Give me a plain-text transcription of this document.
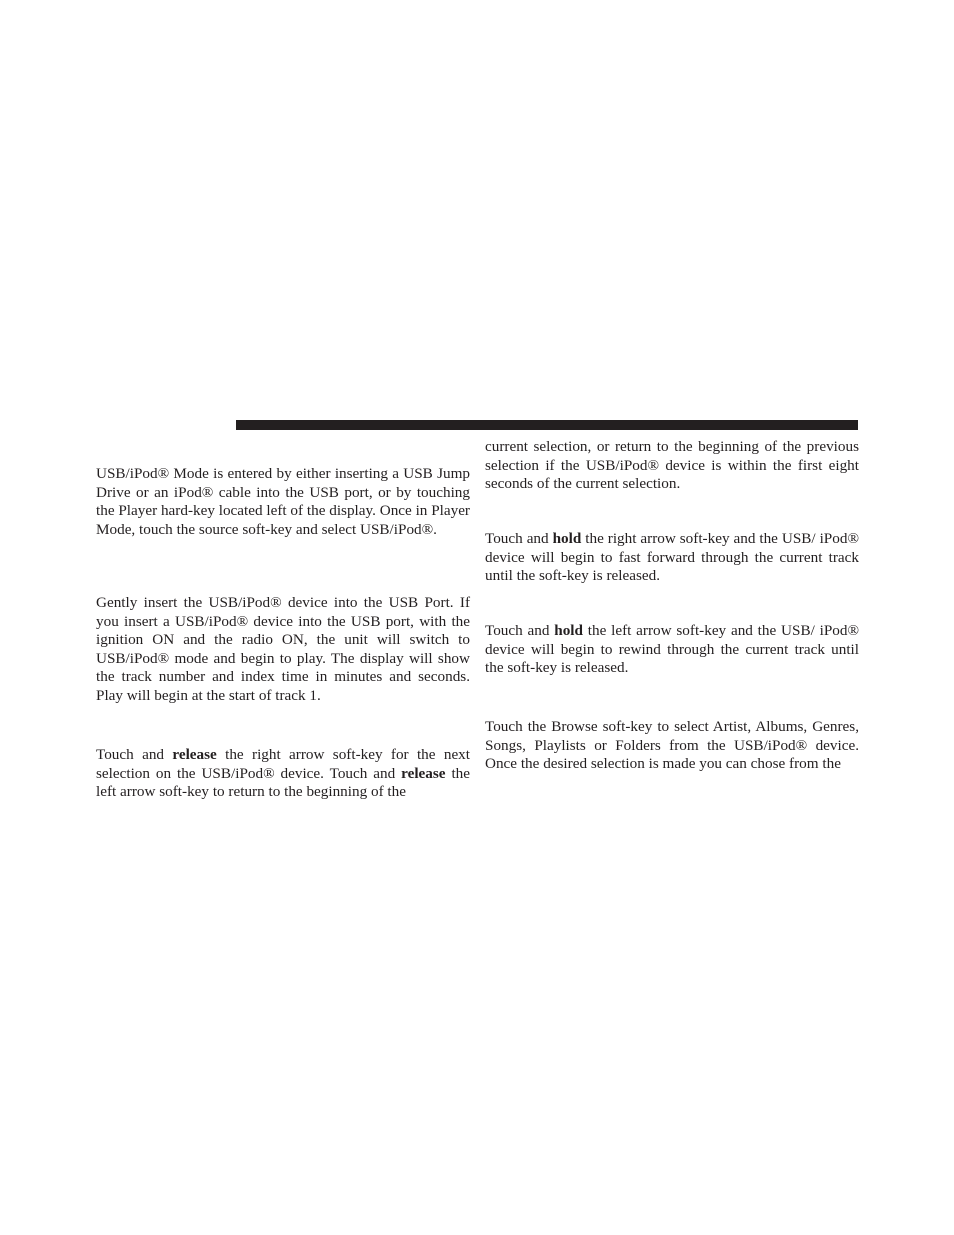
USB/iPod® Mode is entered by either inserting a USB Jump Drive or an iPod® cable into the USB port, or by touching the Player hard-key located left of the display. Once in Player Mode, touch the source soft-key and select USB/iPod®.

Gently insert the USB/iPod® device into the USB Port. If you insert a USB/iPod® device into the USB port, with the ignition ON and the radio ON, the unit will switch to USB/iPod® mode and begin to play. The display will show the track number and index time in minutes and seconds. Play will begin at the start of track 1.

Touch and release the right arrow soft-key for the next selection on the USB/iPod® device. Touch and release the left arrow soft-key to return to the beginning of the

current selection, or return to the beginning of the previous selection if the USB/iPod® device is within the first eight seconds of the current selection.

Touch and hold the right arrow soft-key and the USB/ iPod® device will begin to fast forward through the current track until the soft-key is released.

Touch and hold the left arrow soft-key and the USB/ iPod® device will begin to rewind through the current track until the soft-key is released.

Touch the Browse soft-key to select Artist, Albums, Genres, Songs, Playlists or Folders from the USB/iPod® device. Once the desired selection is made you can chose from the
